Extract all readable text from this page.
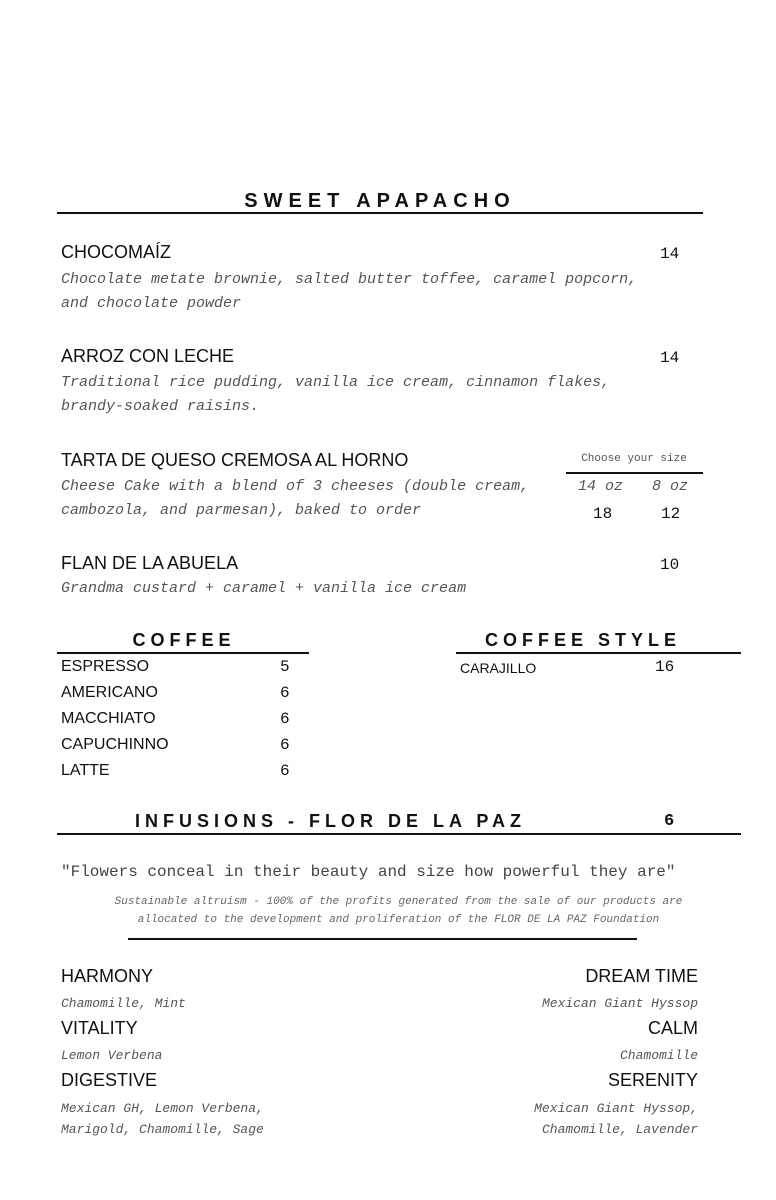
SWEET APAPACHO
CHOCOMAÍZ	14
Chocolate metate brownie, salted butter toffee, caramel popcorn,
and chocolate powder
ARROZ CON LECHE	14
Traditional rice pudding, vanilla ice cream, cinnamon flakes,
brandy-soaked raisins.
TARTA DE QUESO CREMOSA AL HORNO	Choose your size
Cheese Cake with a blend of 3 cheeses (double cream,
cambozola, and parmesan), baked to order
14 oz 8 oz
18	12
FLAN DE LA ABUELA	10
Grandma custard + caramel + vanilla ice cream
COFFEE
ESPRESSO	5
AMERICANO	6
MACCHIATO	6
CAPUCHINNO	6
LATTE	6
COFFEE STYLE
CARAJILLO	16
INFUSIONS - FLOR DE LA PAZ	6
"Flowers conceal in their beauty and size how powerful they are"
Sustainable altruism - 100% of the profits generated from the sale of our products are
allocated to the development and proliferation of the FLOR DE LA PAZ Foundation
HARMONY
Chamomille, Mint
VITALITY
Lemon Verbena
DIGESTIVE
Mexican GH, Lemon Verbena,
Marigold, Chamomille, Sage
DREAM TIME
Mexican Giant Hyssop
CALM
Chamomille
SERENITY
Mexican Giant Hyssop,
Chamomille, Lavender
